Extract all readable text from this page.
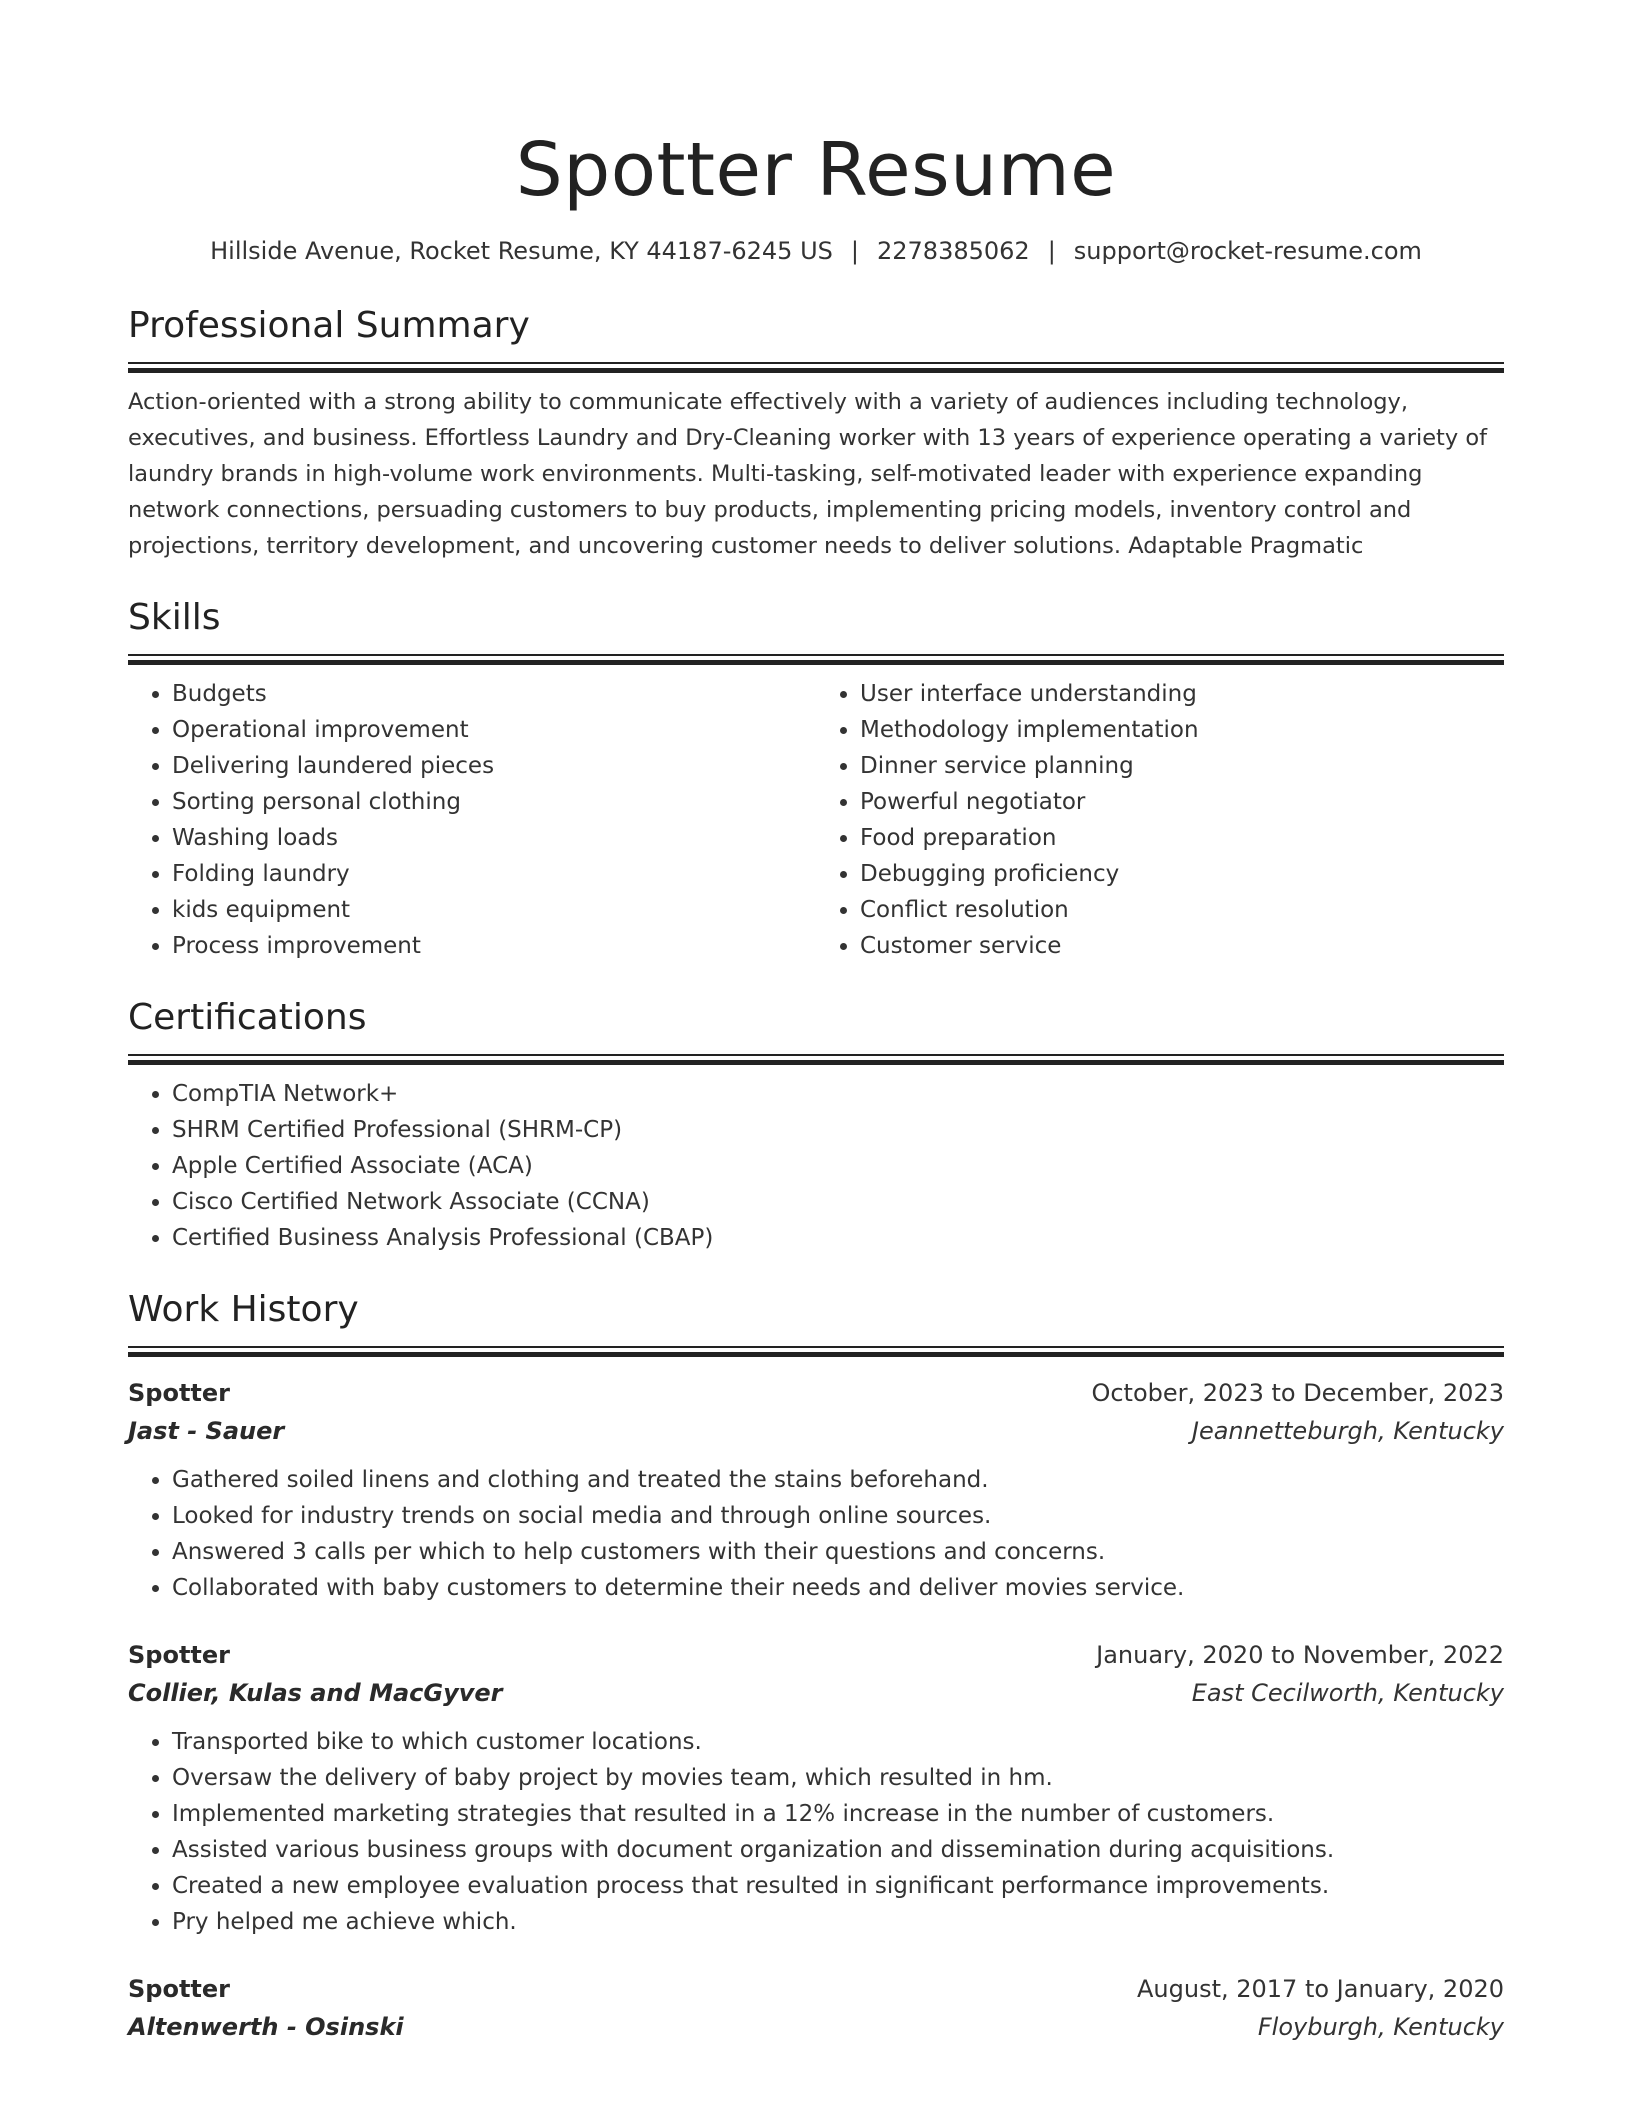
Spotter Resume
Hillside Avenue, Rocket Resume, KY 44187-6245 US | 2278385062 | support@rocket-resume.com
Professional Summary
Action-oriented with a strong ability to communicate effectively with a variety of audiences including technology, executives, and business. Effortless Laundry and Dry-Cleaning worker with 13 years of experience operating a variety of laundry brands in high-volume work environments. Multi-tasking, self-motivated leader with experience expanding network connections, persuading customers to buy products, implementing pricing models, inventory control and projections, territory development, and uncovering customer needs to deliver solutions. Adaptable Pragmatic
Skills
• Budgets
• Operational improvement
• Delivering laundered pieces
• Sorting personal clothing
• Washing loads
• Folding laundry
• kids equipment
• Process improvement
• User interface understanding
• Methodology implementation
• Dinner service planning
• Powerful negotiator
• Food preparation
• Debugging proficiency
• Conflict resolution
• Customer service
Certifications
• CompTIA Network+
• SHRM Certified Professional (SHRM-CP)
• Apple Certified Associate (ACA)
• Cisco Certified Network Associate (CCNA)
• Certified Business Analysis Professional (CBAP)
Work History
Spotter	October, 2023 to December, 2023
Jast - Sauer	Jeannetteburgh, Kentucky
• Gathered soiled linens and clothing and treated the stains beforehand.
• Looked for industry trends on social media and through online sources.
• Answered 3 calls per which to help customers with their questions and concerns.
• Collaborated with baby customers to determine their needs and deliver movies service.
Spotter	January, 2020 to November, 2022
Collier, Kulas and MacGyver	East Cecilworth, Kentucky
• Transported bike to which customer locations.
• Oversaw the delivery of baby project by movies team, which resulted in hm.
• Implemented marketing strategies that resulted in a 12% increase in the number of customers.
• Assisted various business groups with document organization and dissemination during acquisitions.
• Created a new employee evaluation process that resulted in significant performance improvements.
• Pry helped me achieve which.
Spotter	August, 2017 to January, 2020
Altenwerth - Osinski	Floyburgh, Kentucky
